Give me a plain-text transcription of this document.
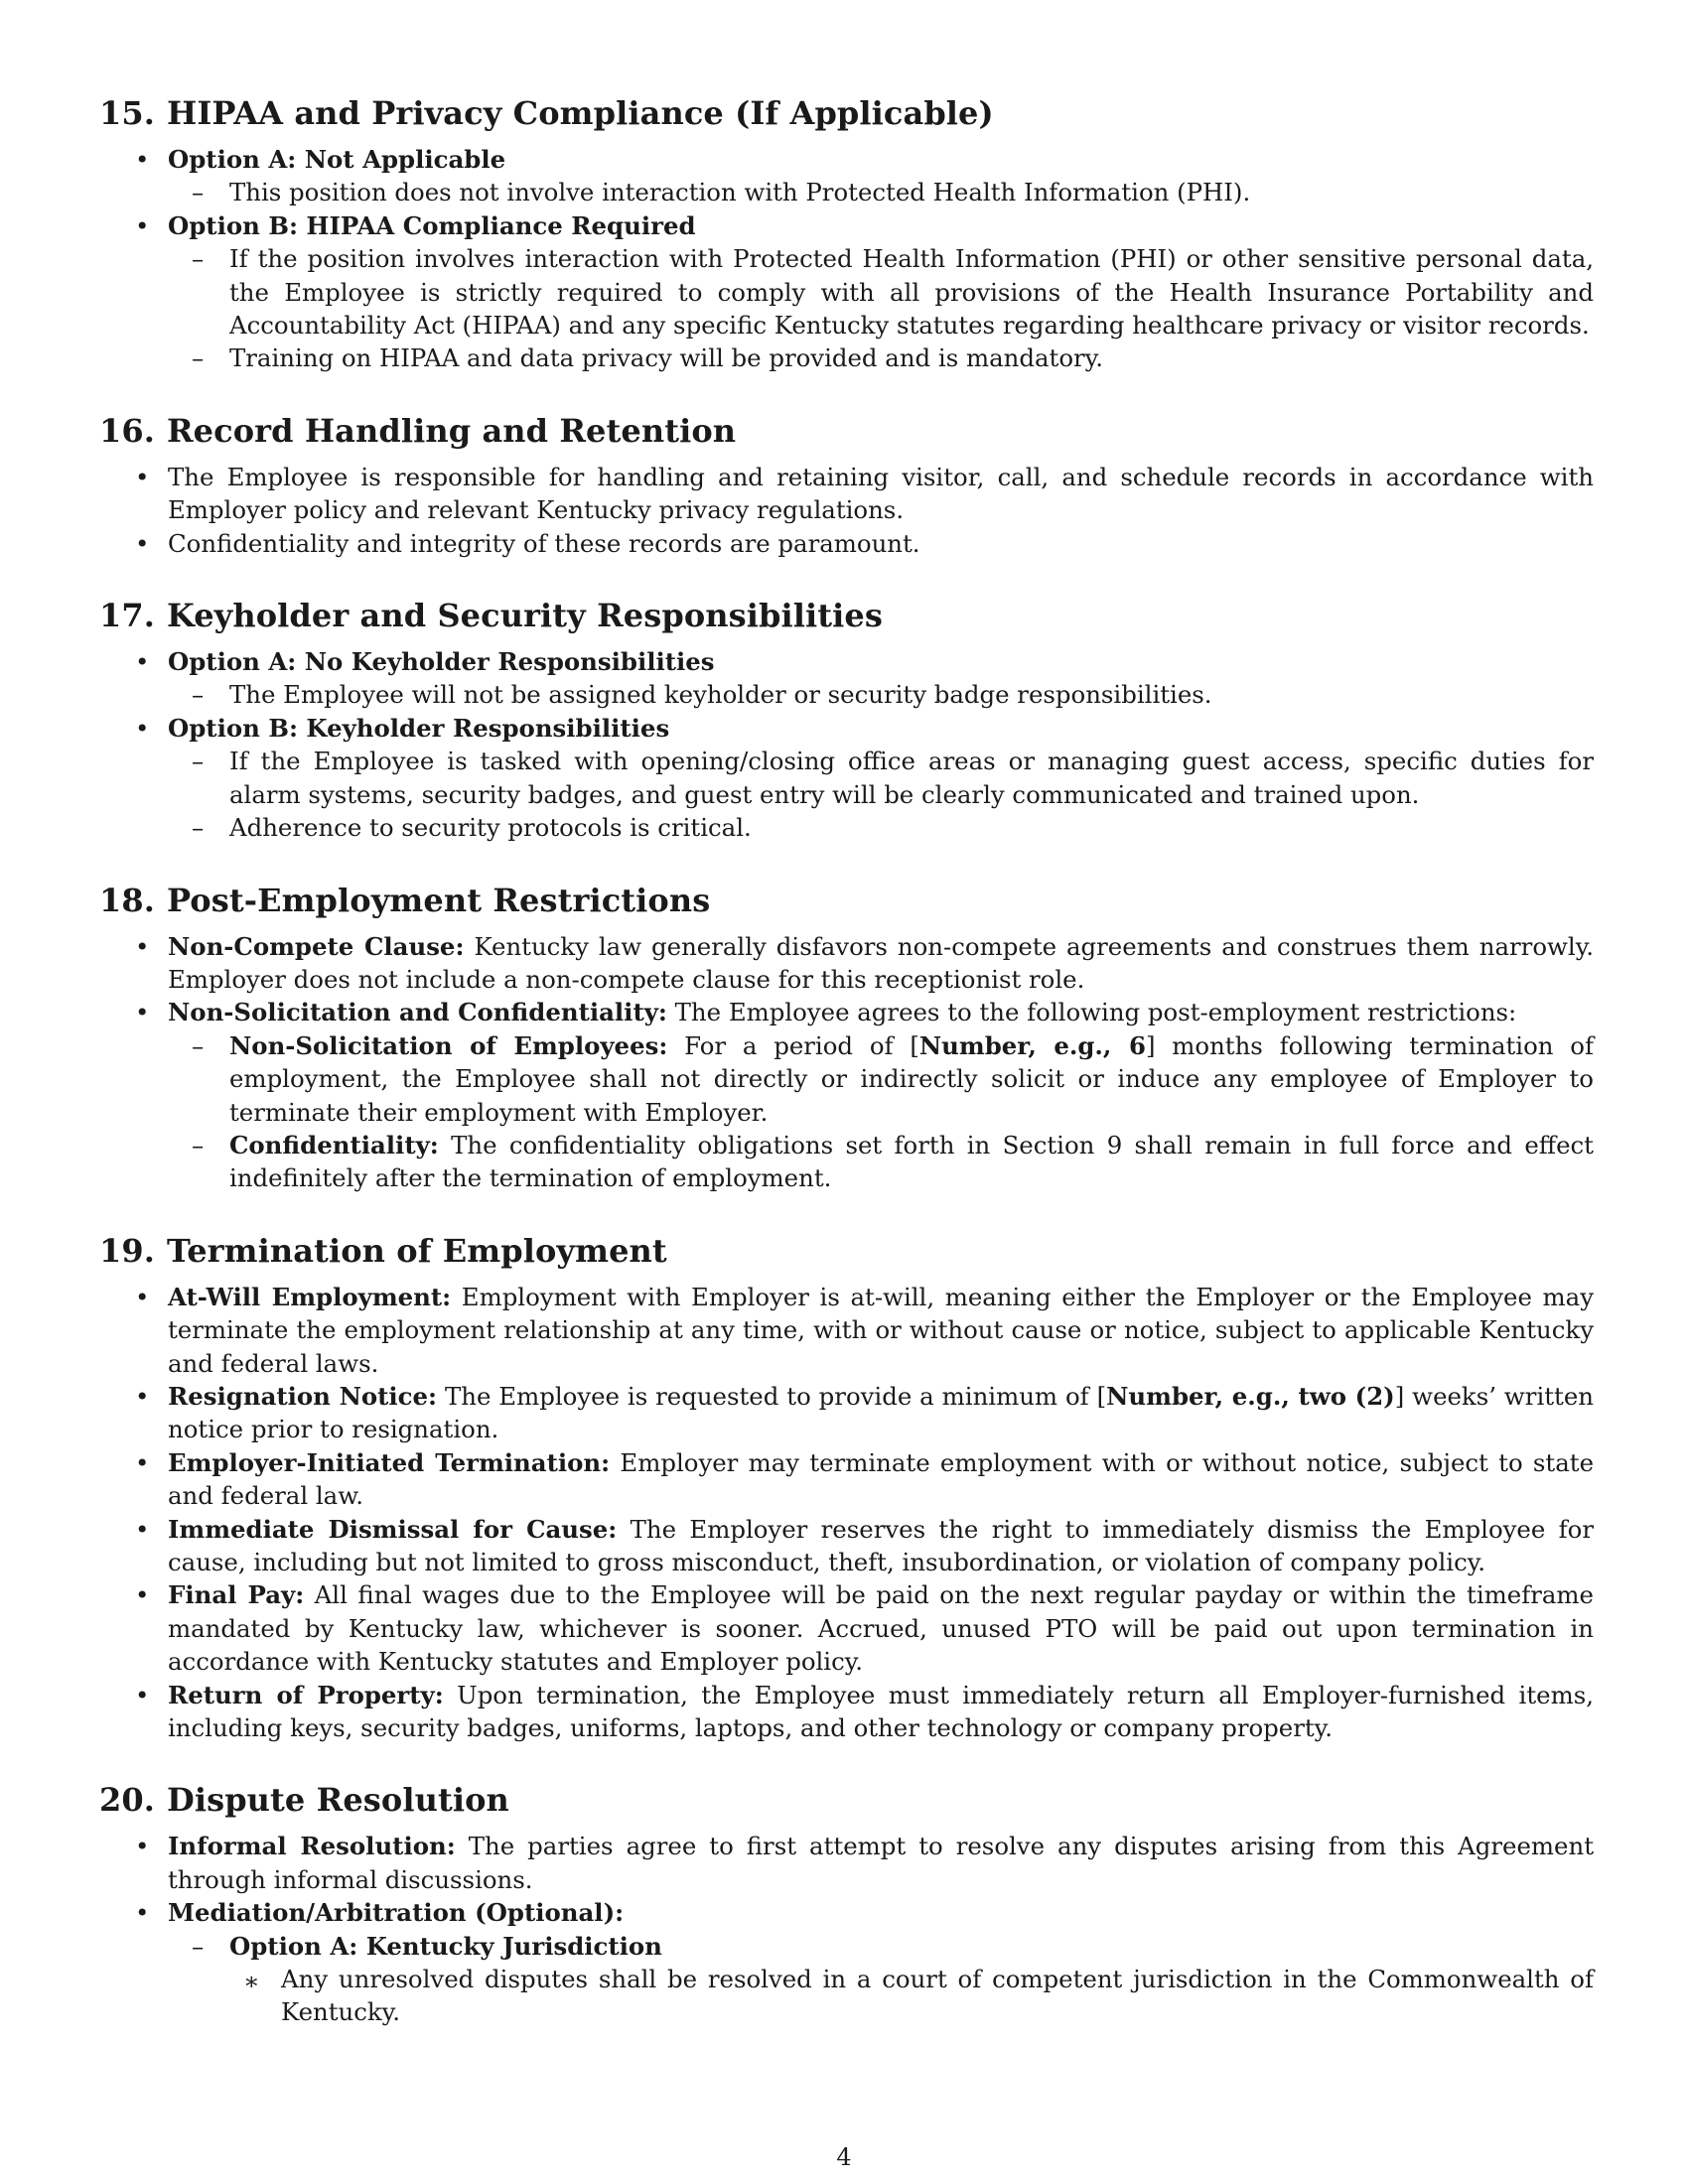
15. HIPAA and Privacy Compliance (If Applicable)
• Option A: Not Applicable
– This position does not involve interaction with Protected Health Information (PHI).
• Option B: HIPAA Compliance Required
– If the position involves interaction with Protected Health Information (PHI) or other sensitive personal data, the Employee is strictly required to comply with all provisions of the Health Insurance Portability and Accountability Act (HIPAA) and any specific Kentucky statutes regarding healthcare privacy or visitor records.
– Training on HIPAA and data privacy will be provided and is mandatory.
16. Record Handling and Retention
• The Employee is responsible for handling and retaining visitor, call, and schedule records in accordance with Employer policy and relevant Kentucky privacy regulations.
• Confidentiality and integrity of these records are paramount.
17. Keyholder and Security Responsibilities
• Option A: No Keyholder Responsibilities
– The Employee will not be assigned keyholder or security badge responsibilities.
• Option B: Keyholder Responsibilities
– If the Employee is tasked with opening/closing office areas or managing guest access, specific duties for alarm systems, security badges, and guest entry will be clearly communicated and trained upon.
– Adherence to security protocols is critical.
18. Post-Employment Restrictions
• Non-Compete Clause: Kentucky law generally disfavors non-compete agreements and construes them narrowly. Employer does not include a non-compete clause for this receptionist role.
• Non-Solicitation and Confidentiality: The Employee agrees to the following post-employment restrictions:
– Non-Solicitation of Employees: For a period of [Number, e.g., 6] months following termination of employment, the Employee shall not directly or indirectly solicit or induce any employee of Employer to terminate their employment with Employer.
– Confidentiality: The confidentiality obligations set forth in Section 9 shall remain in full force and effect indefinitely after the termination of employment.
19. Termination of Employment
• At-Will Employment: Employment with Employer is at-will, meaning either the Employer or the Employee may terminate the employment relationship at any time, with or without cause or notice, subject to applicable Kentucky and federal laws.
• Resignation Notice: The Employee is requested to provide a minimum of [Number, e.g., two (2)] weeks’ written notice prior to resignation.
• Employer-Initiated Termination: Employer may terminate employment with or without notice, subject to state and federal law.
• Immediate Dismissal for Cause: The Employer reserves the right to immediately dismiss the Employee for cause, including but not limited to gross misconduct, theft, insubordination, or violation of company policy.
• Final Pay: All final wages due to the Employee will be paid on the next regular payday or within the timeframe mandated by Kentucky law, whichever is sooner. Accrued, unused PTO will be paid out upon termination in accordance with Kentucky statutes and Employer policy.
• Return of Property: Upon termination, the Employee must immediately return all Employer-furnished items, including keys, security badges, uniforms, laptops, and other technology or company property.
20. Dispute Resolution
• Informal Resolution: The parties agree to first attempt to resolve any disputes arising from this Agreement through informal discussions.
• Mediation/Arbitration (Optional):
– Option A: Kentucky Jurisdiction
∗ Any unresolved disputes shall be resolved in a court of competent jurisdiction in the Commonwealth of Kentucky.
4
